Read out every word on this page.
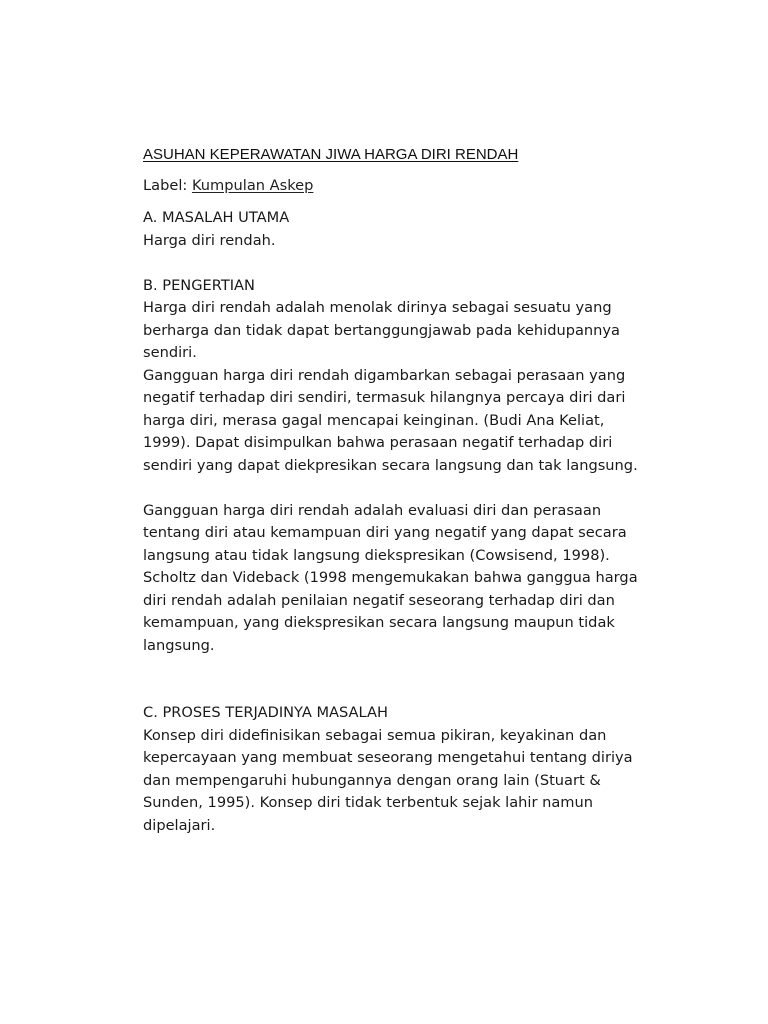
ASUHAN KEPERAWATAN JIWA HARGA DIRI RENDAH
Label: Kumpulan Askep
A. MASALAH UTAMA

Harga diri rendah.

B. PENGERTIAN

Harga diri rendah adalah menolak dirinya sebagai sesuatu yang
berharga dan tidak dapat bertanggungjawab pada kehidupannya
sendiri.

Gangguan harga diri rendah digambarkan sebagai perasaan yang
negatif terhadap diri sendiri, termasuk hilangnya percaya diri dari
harga diri, merasa gagal mencapai keinginan. (Budi Ana Keliat,
1999). Dapat disimpulkan bahwa perasaan negatif terhadap diri
sendiri yang dapat diekpresikan secara langsung dan tak langsung.

Gangguan harga diri rendah adalah evaluasi diri dan perasaan
tentang diri atau kemampuan diri yang negatif yang dapat secara
langsung atau tidak langsung diekspresikan (Cowsisend, 1998).
Scholtz dan Videback (1998 mengemukakan bahwa ganggua harga
diri rendah adalah penilaian negatif seseorang terhadap diri dan
kemampuan, yang diekspresikan secara langsung maupun tidak
langsung.

C. PROSES TERJADINYA MASALAH

Konsep diri didefinisikan sebagai semua pikiran, keyakinan dan
kepercayaan yang membuat seseorang mengetahui tentang diriya
dan mempengaruhi hubungannya dengan orang lain (Stuart &
Sunden, 1995). Konsep diri tidak terbentuk sejak lahir namun
dipelajari.
